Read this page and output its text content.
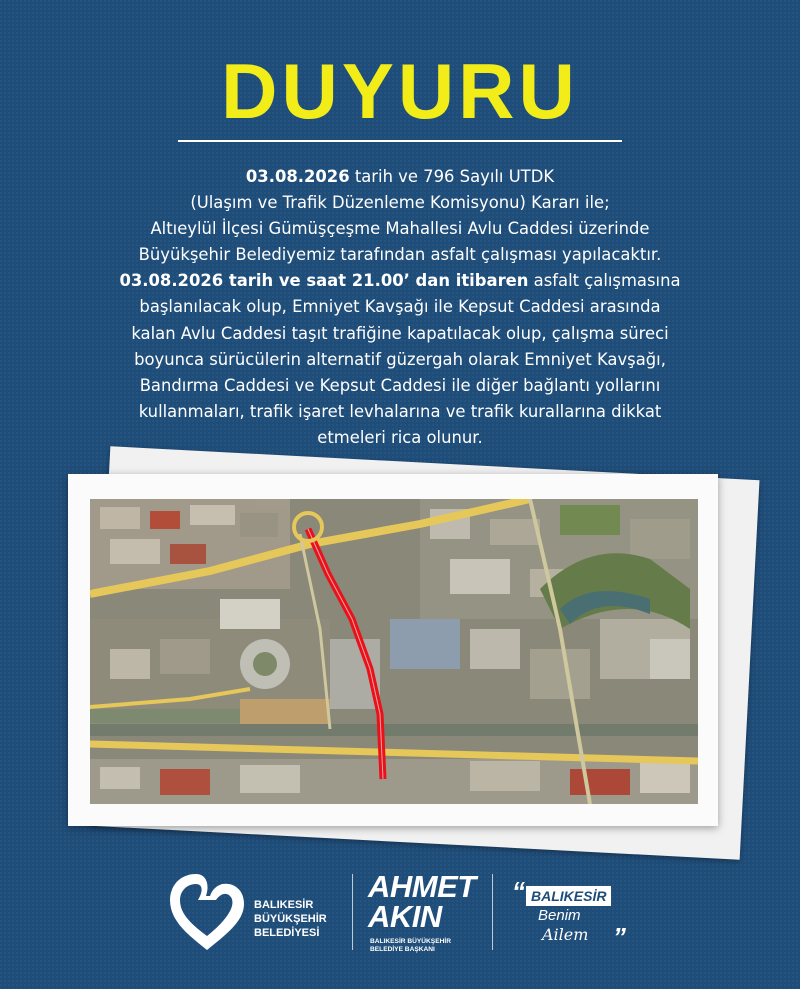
DUYURU
03.08.2026 tarih ve 796 Sayılı UTDK
(Ulaşım ve Trafik Düzenleme Komisyonu) Kararı ile;
Altıeylül İlçesi Gümüşçeşme Mahallesi Avlu Caddesi üzerinde
Büyükşehir Belediyemiz tarafından asfalt çalışması yapılacaktır.
03.08.2026 tarih ve saat 21.00’ dan itibaren asfalt çalışmasına
başlanılacak olup, Emniyet Kavşağı ile Kepsut Caddesi arasında
kalan Avlu Caddesi taşıt trafiğine kapatılacak olup, çalışma süreci
boyunca sürücülerin alternatif güzergah olarak Emniyet Kavşağı,
Bandırma Caddesi ve Kepsut Caddesi ile diğer bağlantı yollarını
kullanmaları, trafik işaret levhalarına ve trafik kurallarına dikkat
etmeleri rica olunur.
BALIKESİR
BÜYÜKŞEHİR
BELEDİYESİ
AHMET
AKIN
BALIKESİR BÜYÜKŞEHİR
BELEDİYE BAŞKANI
“ BALIKESİR
Benim
Ailem ”
